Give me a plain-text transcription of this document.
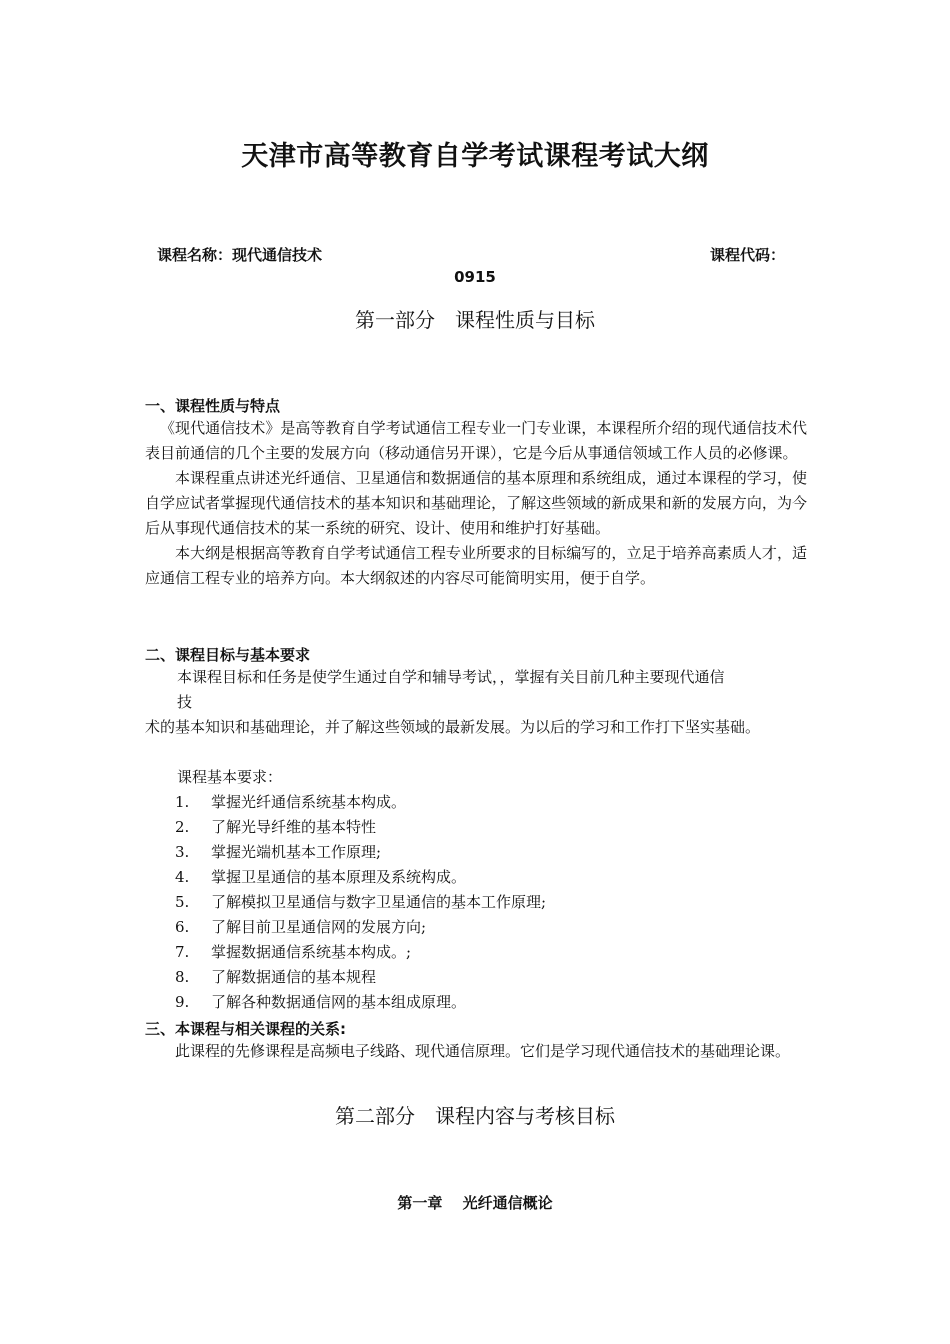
天津市高等教育自学考试课程考试大纲
课程名称：现代通信技术	课程代码：
0915
第一部分　课程性质与目标
一、课程性质与特点

《现代通信技术》是高等教育自学考试通信工程专业一门专业课，本课程所介绍的现代通信技术代表目前通信的几个主要的发展方向（移动通信另开课），它是今后从事通信领域工作人员的必修课。

本课程重点讲述光纤通信、卫星通信和数据通信的基本原理和系统组成，通过本课程的学习，使自学应试者掌握现代通信技术的基本知识和基础理论，了解这些领域的新成果和新的发展方向，为今后从事现代通信技术的某一系统的研究、设计、使用和维护打好基础。

本大纲是根据高等教育自学考试通信工程专业所要求的目标编写的，立足于培养高素质人才，适应通信工程专业的培养方向。本大纲叙述的内容尽可能简明实用，便于自学。

二、课程目标与基本要求
本课程目标和任务是使学生通过自学和辅导考试，，掌握有关目前几种主要现代通信
技
术的基本知识和基础理论，并了解这些领域的最新发展。为以后的学习和工作打下坚实基础。
课程基本要求：
1. 掌握光纤通信系统基本构成。
2. 了解光导纤维的基本特性
3. 掌握光端机基本工作原理;
4. 掌握卫星通信的基本原理及系统构成。
5. 了解模拟卫星通信与数字卫星通信的基本工作原理;
6. 了解目前卫星通信网的发展方向;
7. 掌握数据通信系统基本构成。;
8. 了解数据通信的基本规程
9. 了解各种数据通信网的基本组成原理。
三、本课程与相关课程的关系:

此课程的先修课程是高频电子线路、现代通信原理。它们是学习现代通信技术的基础理论课。

第二部分　课程内容与考核目标
第一章　 光纤通信概论
